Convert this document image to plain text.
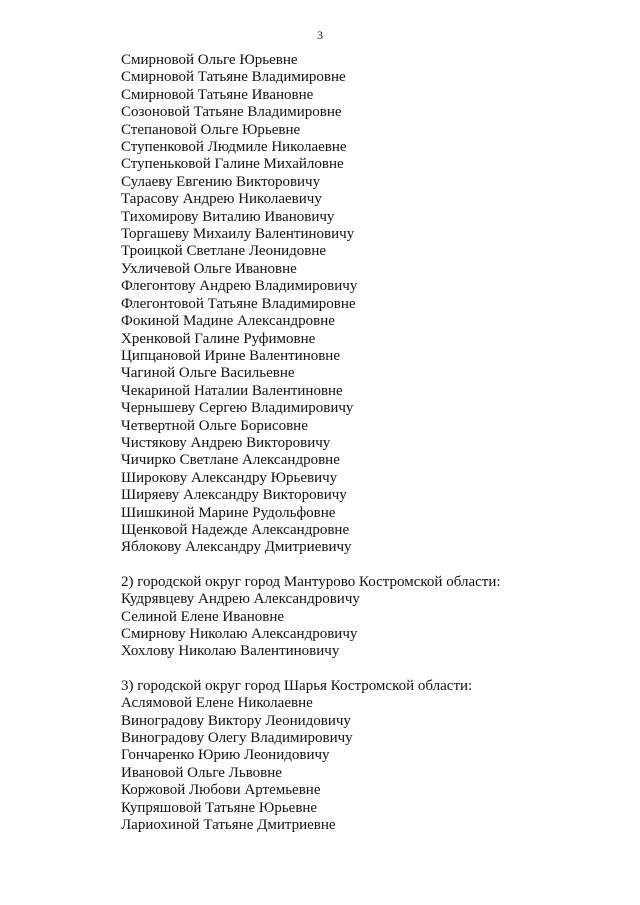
3
Смирновой Ольге Юрьевне
Смирновой Татьяне Владимировне
Смирновой Татьяне Ивановне
Созоновой Татьяне Владимировне
Степановой Ольге Юрьевне
Ступенковой Людмиле Николаевне
Ступеньковой Галине Михайловне
Сулаеву Евгению Викторовичу
Тарасову Андрею Николаевичу
Тихомирову Виталию Ивановичу
Торгашеву Михаилу Валентиновичу
Троицкой Светлане Леонидовне
Ухличевой Ольге Ивановне
Флегонтову Андрею Владимировичу
Флегонтовой Татьяне Владимировне
Фокиной Мадине Александровне
Хренковой Галине Руфимовне
Ципцановой Ирине Валентиновне
Чагиной Ольге Васильевне
Чекариной Наталии Валентиновне
Чернышеву Сергею Владимировичу
Четвертной Ольге Борисовне
Чистякову Андрею Викторовичу
Чичирко Светлане Александровне
Широкову Александру Юрьевичу
Ширяеву Александру Викторовичу
Шишкиной Марине Рудольфовне
Щенковой Надежде Александровне
Яблокову Александру Дмитриевичу
2) городской округ город Мантурово Костромской области:
Кудрявцеву Андрею Александровичу
Селиной Елене Ивановне
Смирнову Николаю Александровичу
Хохлову Николаю Валентиновичу
3) городской округ город Шарья Костромской области:
Аслямовой Елене Николаевне
Виноградову Виктору Леонидовичу
Виноградову Олегу Владимировичу
Гончаренко Юрию Леонидовичу
Ивановой Ольге Львовне
Коржовой Любови Артемьевне
Купряшовой Татьяне Юрьевне
Лариохиной Татьяне Дмитриевне
